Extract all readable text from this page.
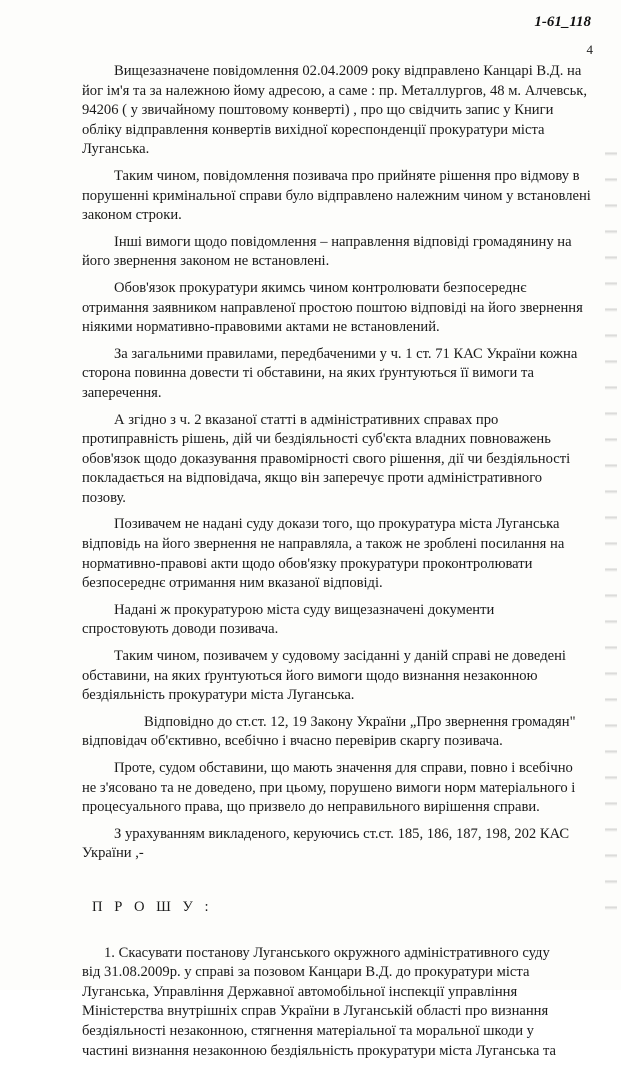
1-61_118
4

Вищезазначене повідомлення 02.04.2009 року відправлено Канцарі В.Д. на
йог ім'я та за належною йому адресою, а саме : пр. Металлургов, 48 м. Алчевськ,
94206 ( у звичайному поштовому конверті) , про що свідчить запис у Книги
обліку відправлення конвертів вихідної кореспонденції прокуратури міста
Луганська.

Таким чином, повідомлення позивача про прийняте рішення про відмову в
порушенні кримінальної справи було відправлено належним чином у встановлені
законом строки.

Інші вимоги щодо повідомлення – направлення відповіді громадянину на
його звернення законом не встановлені.

Обов'язок прокуратури якимсь чином контролювати безпосереднє
отримання заявником направленої простою поштою відповіді на його звернення
ніякими нормативно-правовими актами не встановлений.

За загальними правилами, передбаченими у ч. 1 ст. 71 КАС України кожна
сторона повинна довести ті обставини, на яких ґрунтуються її вимоги та
заперечення.

А згідно з ч. 2 вказаної статті в адміністративних справах про
протиправність рішень, дій чи бездіяльності суб'єкта владних повноважень
обов'язок щодо доказування правомірності свого рішення, дії чи бездіяльності
покладається на відповідача, якщо він заперечує проти адміністративного
позову.

Позивачем не надані суду докази того, що прокуратура міста Луганська
відповідь на його звернення не направляла, а також не зроблені посилання на
нормативно-правові акти щодо обов'язку прокуратури проконтролювати
безпосереднє отримання ним вказаної відповіді.

Надані ж прокуратурою міста суду вищезазначені документи
спростовують доводи позивача.

Таким чином, позивачем у судовому засіданні у даній справі не доведені
обставини, на яких ґрунтуються його вимоги щодо визнання незаконною
бездіяльність прокуратури міста Луганська.

Відповідно до ст.ст. 12, 19 Закону України „Про звернення громадян"
відповідач об'єктивно, всебічно і вчасно перевірив скаргу позивача.

Проте, судом обставини, що мають значення для справи, повно і всебічно
не з'ясовано та не доведено, при цьому, порушено вимоги норм матеріального і
процесуального права, що призвело до неправильного вирішення справи.

З урахуванням викладеного, керуючись ст.ст. 185, 186, 187, 198, 202 КАС
України ,-

П Р О Ш У :

1. Скасувати постанову Луганського окружного адміністративного суду
від 31.08.2009р. у справі за позовом Канцари В.Д. до прокуратури міста
Луганська, Управління Державної автомобільної інспекції управління
Міністерства внутрішніх справ України в Луганській області про визнання
бездіяльності незаконною, стягнення матеріальної та моральної шкоди у
частині визнання незаконною бездіяльність прокуратури міста Луганська та
